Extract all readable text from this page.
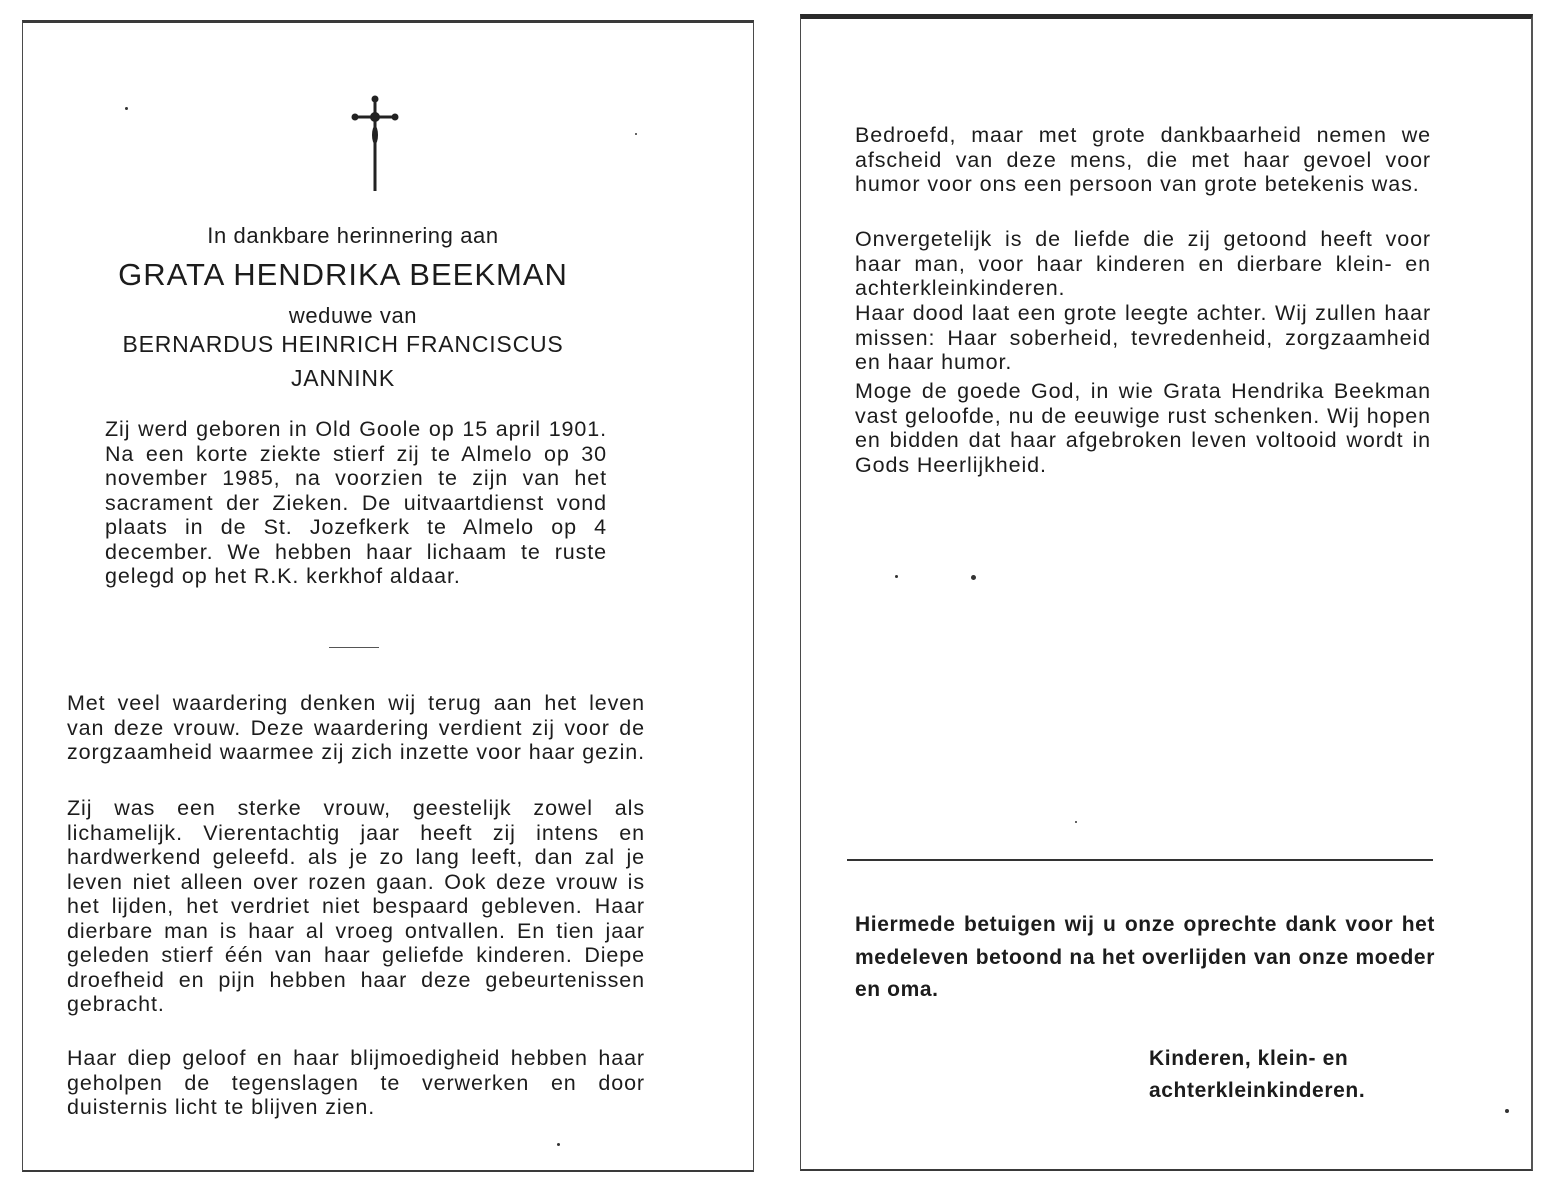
In dankbare herinnering aan
GRATA HENDRIKA BEEKMAN
weduwe van
BERNARDUS HEINRICH FRANCISCUS
JANNINK
Zij werd geboren in Old Goole op 15 april 1901. Na een korte ziekte stierf zij te Almelo op 30 november 1985, na voorzien te zijn van het sacrament der Zieken. De uitvaartdienst vond plaats in de St. Jozefkerk te Almelo op 4 december. We hebben haar lichaam te ruste gelegd op het R.K. kerkhof aldaar.
Met veel waardering denken wij terug aan het leven van deze vrouw. Deze waardering verdient zij voor de zorgzaamheid waarmee zij zich inzette voor haar gezin.
Zij was een sterke vrouw, geestelijk zowel als lichamelijk. Vierentachtig jaar heeft zij intens en hardwerkend geleefd. als je zo lang leeft, dan zal je leven niet alleen over rozen gaan. Ook deze vrouw is het lijden, het verdriet niet bespaard gebleven. Haar dierbare man is haar al vroeg ontvallen. En tien jaar geleden stierf één van haar geliefde kinderen. Diepe droefheid en pijn hebben haar deze gebeurtenissen gebracht.
Haar diep geloof en haar blijmoedigheid hebben haar geholpen de tegenslagen te verwerken en door duisternis licht te blijven zien.
Bedroefd, maar met grote dankbaarheid nemen we afscheid van deze mens, die met haar gevoel voor humor voor ons een persoon van grote betekenis was.
Onvergetelijk is de liefde die zij getoond heeft voor haar man, voor haar kinderen en dierbare klein- en achterkleinkinderen.
Haar dood laat een grote leegte achter. Wij zullen haar missen: Haar soberheid, tevredenheid, zorgzaamheid en haar humor.
Moge de goede God, in wie Grata Hendrika Beekman vast geloofde, nu de eeuwige rust schenken. Wij hopen en bidden dat haar afgebroken leven voltooid wordt in Gods Heerlijkheid.
Hiermede betuigen wij u onze oprechte dank voor het medeleven betoond na het overlijden van onze moeder en oma.
Kinderen, klein- en
achterkleinkinderen.
